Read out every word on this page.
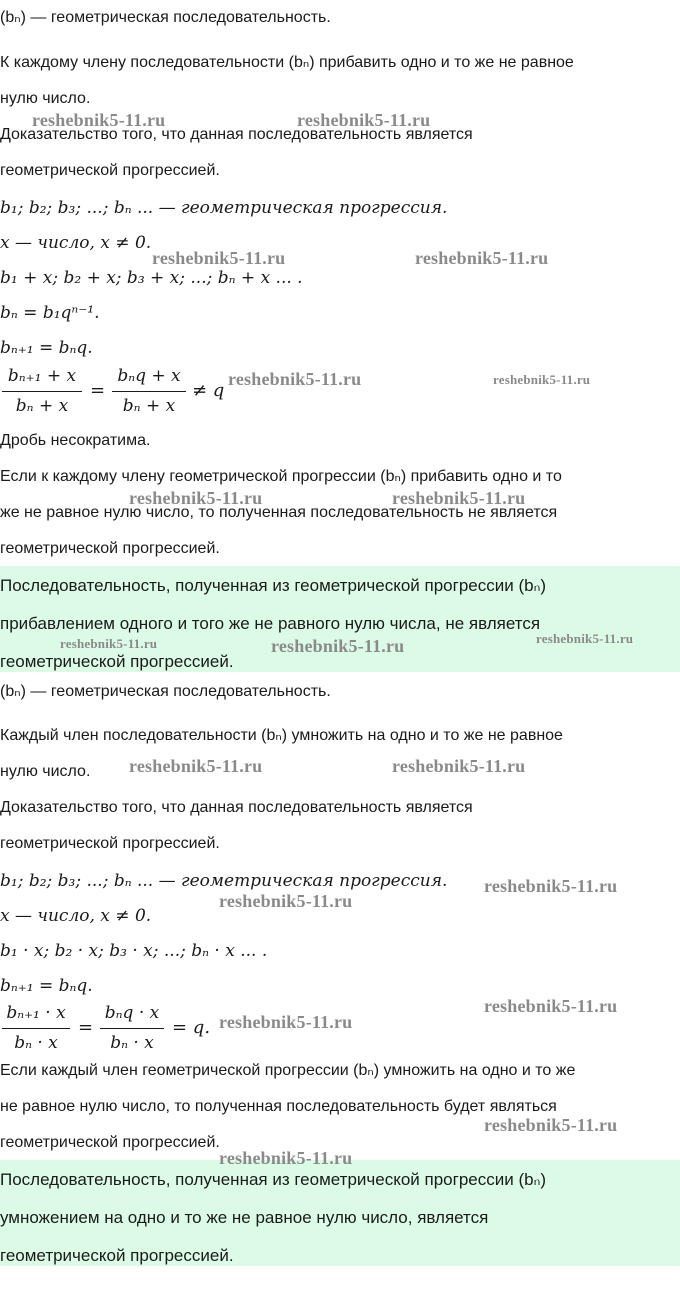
(bₙ) — геометрическая последовательность.
К каждому члену последовательности (bₙ) прибавить одно и то же не равное
нулю число.
Доказательство того, что данная последовательность является
геометрической прогрессией.
b₁; b₂; b₃; ...; bₙ ... — геометрическая прогрессия.
x — число, x ≠ 0.
b₁ + x; b₂ + x; b₃ + x; ...; bₙ + x ... .
bₙ = b₁qⁿ⁻¹.
bₙ₊₁ = bₙq.
bₙ₊₁ + x
bₙ + x
=
bₙq + x
bₙ + x
≠ q
Дробь несократима.
Если к каждому члену геометрической прогрессии (bₙ) прибавить одно и то
же не равное нулю число, то полученная последовательность не является
геометрической прогрессией.
Последовательность, полученная из геометрической прогрессии (bₙ)
прибавлением одного и того же не равного нулю числа, не является
геометрической прогрессией.
(bₙ) — геометрическая последовательность.
Каждый член последовательности (bₙ) умножить на одно и то же не равное
нулю число.
Доказательство того, что данная последовательность является
геометрической прогрессией.
b₁; b₂; b₃; ...; bₙ ... — геометрическая прогрессия.
x — число, x ≠ 0.
b₁ · x; b₂ · x; b₃ · x; ...; bₙ · x ... .
bₙ₊₁ = bₙq.
bₙ₊₁ · x
bₙ · x
=
bₙq · x
bₙ · x
= q.
Если каждый член геометрической прогрессии (bₙ) умножить на одно и то же
не равное нулю число, то полученная последовательность будет являться
геометрической прогрессией.
Последовательность, полученная из геометрической прогрессии (bₙ)
умножением на одно и то же не равное нулю число, является
геометрической прогрессией.
reshebnik5-11.ru	reshebnik5-11.ru
reshebnik5-11.ru	reshebnik5-11.ru
reshebnik5-11.ru	reshebnik5-11.ru
reshebnik5-11.ru	reshebnik5-11.ru
reshebnik5-11.ru	reshebnik5-11.ru	reshebnik5-11.ru
reshebnik5-11.ru	reshebnik5-11.ru
reshebnik5-11.ru
reshebnik5-11.ru
reshebnik5-11.ru
reshebnik5-11.ru
reshebnik5-11.ru
reshebnik5-11.ru
